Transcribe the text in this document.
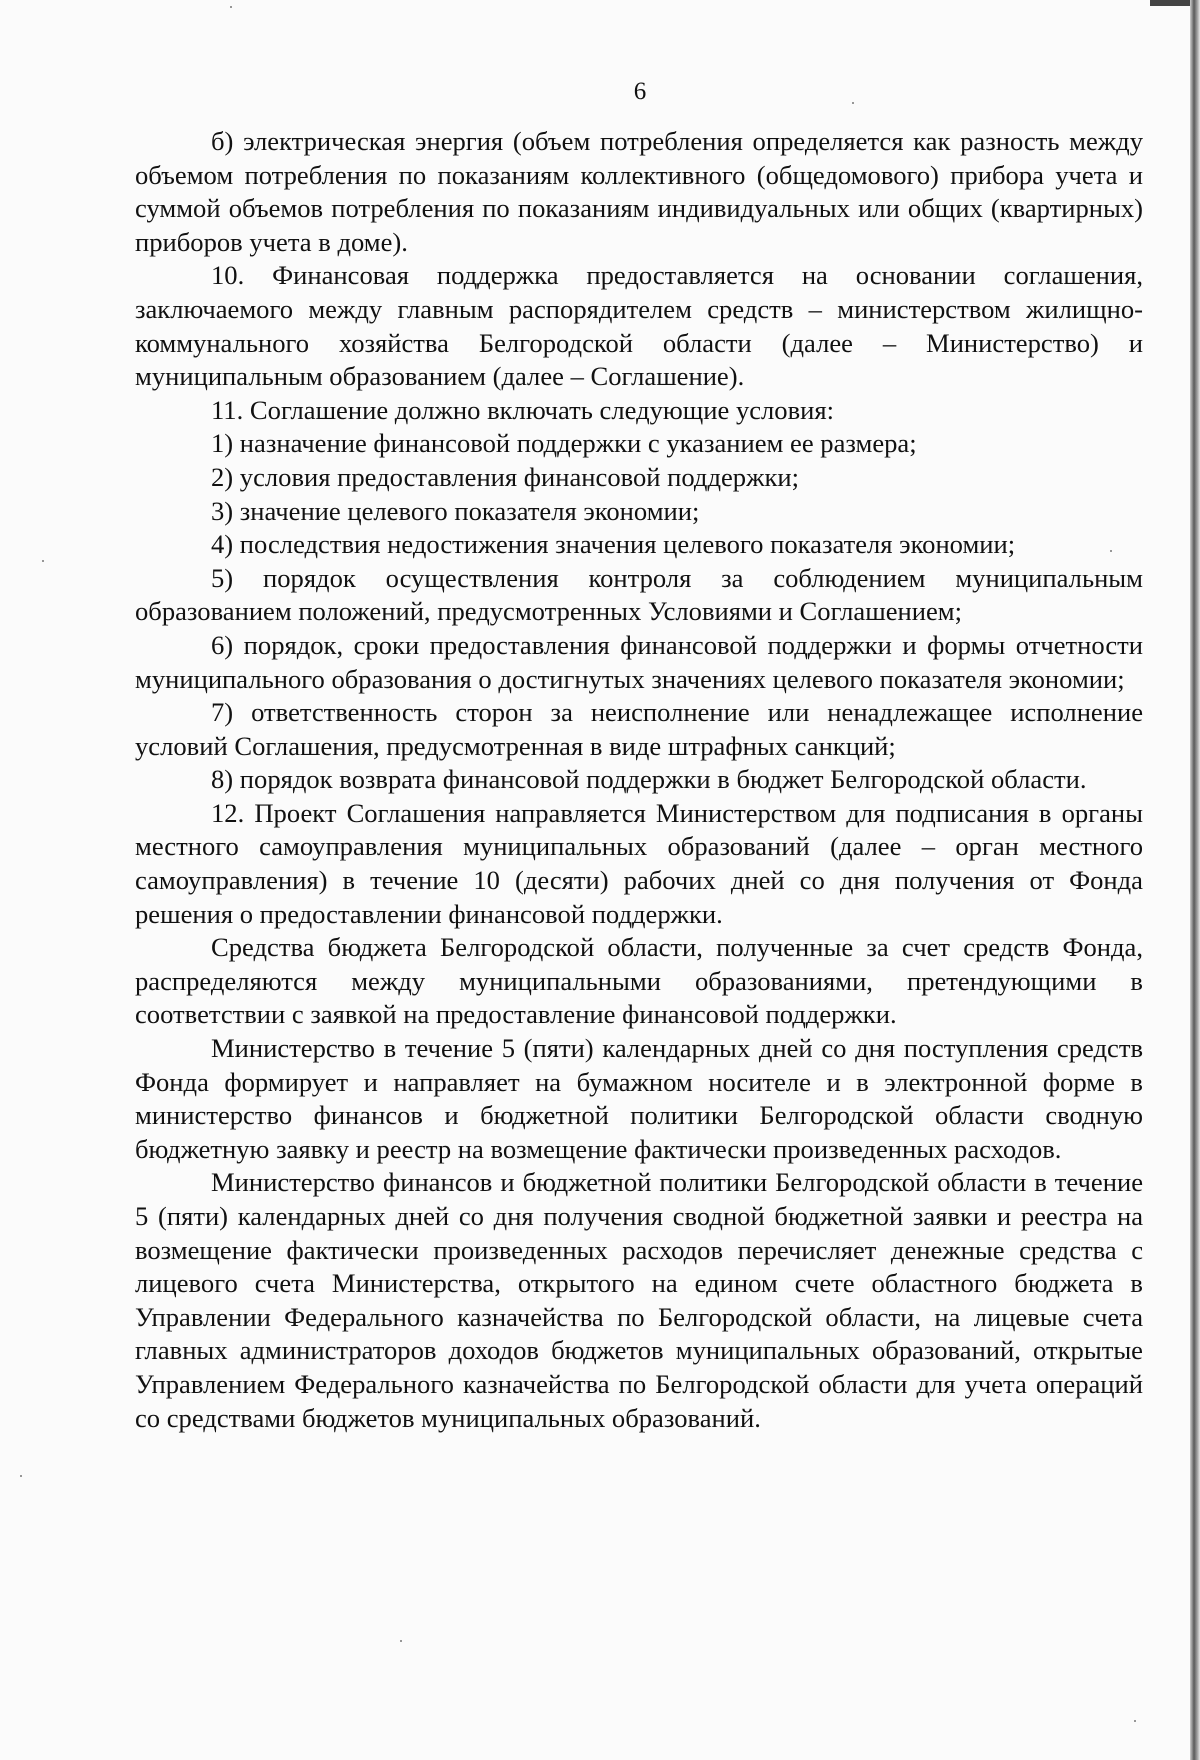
6

б) электрическая энергия (объем потребления определяется как разность между объемом потребления по показаниям коллективного (общедомового) прибора учета и суммой объемов потребления по показаниям индивидуальных или общих (квартирных) приборов учета в доме).

10. Финансовая поддержка предоставляется на основании соглашения, заключаемого между главным распорядителем средств – министерством жилищно-коммунального хозяйства Белгородской области (далее – Министерство) и муниципальным образованием (далее – Соглашение).

11. Соглашение должно включать следующие условия:

1) назначение финансовой поддержки с указанием ее размера;

2) условия предоставления финансовой поддержки;

3) значение целевого показателя экономии;

4) последствия недостижения значения целевого показателя экономии;

5) порядок осуществления контроля за соблюдением муниципальным образованием положений, предусмотренных Условиями и Соглашением;

6) порядок, сроки предоставления финансовой поддержки и формы отчетности муниципального образования о достигнутых значениях целевого показателя экономии;

7) ответственность сторон за неисполнение или ненадлежащее исполнение условий Соглашения, предусмотренная в виде штрафных санкций;

8) порядок возврата финансовой поддержки в бюджет Белгородской области.

12. Проект Соглашения направляется Министерством для подписания в органы местного самоуправления муниципальных образований (далее – орган местного самоуправления) в течение 10 (десяти) рабочих дней со дня получения от Фонда решения о предоставлении финансовой поддержки.

Средства бюджета Белгородской области, полученные за счет средств Фонда, распределяются между муниципальными образованиями, претендующими в соответствии с заявкой на предоставление финансовой поддержки.

Министерство в течение 5 (пяти) календарных дней со дня поступления средств Фонда формирует и направляет на бумажном носителе и в электронной форме в министерство финансов и бюджетной политики Белгородской области сводную бюджетную заявку и реестр на возмещение фактически произведенных расходов.

Министерство финансов и бюджетной политики Белгородской области в течение 5 (пяти) календарных дней со дня получения сводной бюджетной заявки и реестра на возмещение фактически произведенных расходов перечисляет денежные средства с лицевого счета Министерства, открытого на едином счете областного бюджета в Управлении Федерального казначейства по Белгородской области, на лицевые счета главных администраторов доходов бюджетов муниципальных образований, открытые Управлением Федерального казначейства по Белгородской области для учета операций со средствами бюджетов муниципальных образований.
